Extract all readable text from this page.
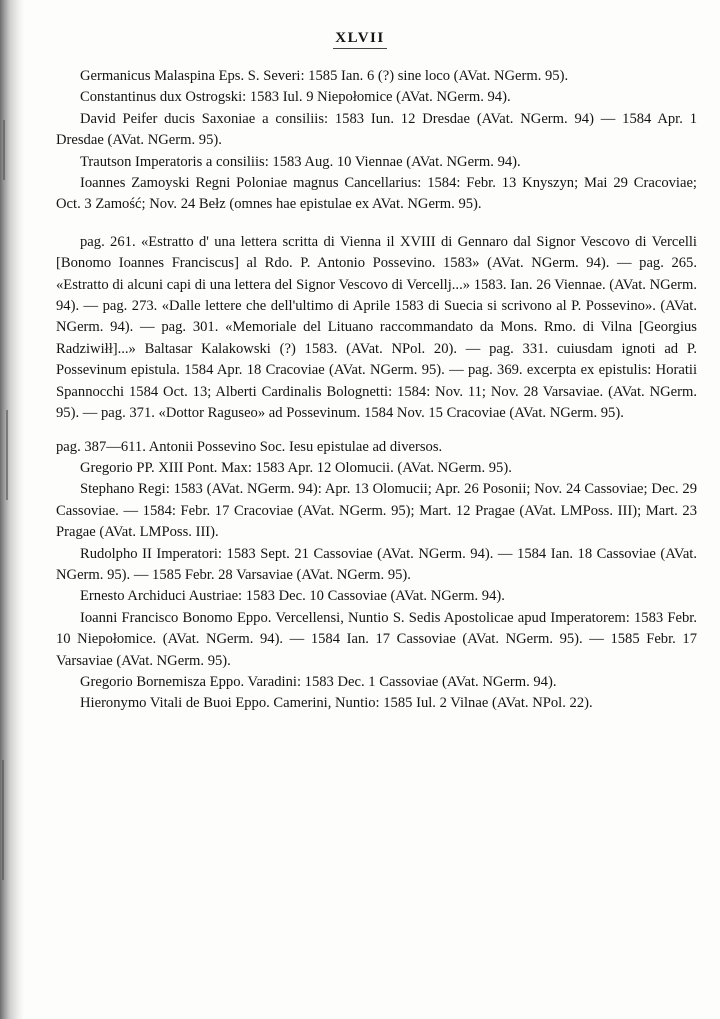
XLVII

Germanicus Malaspina Eps. S. Severi: 1585 Ian. 6 (?) sine loco (AVat. NGerm. 95).

Constantinus dux Ostrogski: 1583 Iul. 9 Niepołomice (AVat. NGerm. 94).

David Peifer ducis Saxoniae a consiliis: 1583 Iun. 12 Dresdae (AVat. NGerm. 94) — 1584 Apr. 1 Dresdae (AVat. NGerm. 95).

Trautson Imperatoris a consiliis: 1583 Aug. 10 Viennae (AVat. NGerm. 94).

Ioannes Zamoyski Regni Poloniae magnus Cancellarius: 1584: Febr. 13 Knyszyn; Mai 29 Cracoviae; Oct. 3 Zamość; Nov. 24 Bełz (omnes hae epistulae ex AVat. NGerm. 95).

pag. 261. «Estratto d' una lettera scritta di Vienna il XVIII di Gennaro dal Signor Vescovo di Vercelli [Bonomo Ioannes Franciscus] al Rdo. P. Antonio Possevino. 1583» (AVat. NGerm. 94). — pag. 265. «Estratto di alcuni capi di una lettera del Signor Vescovo di Vercellj...» 1583. Ian. 26 Viennae. (AVat. NGerm. 94). — pag. 273. «Dalle lettere che dell'ultimo di Aprile 1583 di Suecia si scrivono al P. Possevino». (AVat. NGerm. 94). — pag. 301. «Memoriale del Lituano raccommandato da Mons. Rmo. di Vilna [Georgius Radziwiłł]...» Baltasar Kalakowski (?) 1583. (AVat. NPol. 20). — pag. 331. cuiusdam ignoti ad P. Possevinum epistula. 1584 Apr. 18 Cracoviae (AVat. NGerm. 95). — pag. 369. excerpta ex epistulis: Horatii Spannocchi 1584 Oct. 13; Alberti Cardinalis Bolognetti: 1584: Nov. 11; Nov. 28 Varsaviae. (AVat. NGerm. 95). — pag. 371. «Dottor Raguseo» ad Possevinum. 1584 Nov. 15 Cracoviae (AVat. NGerm. 95).

pag. 387—611. Antonii Possevino Soc. Iesu epistulae ad diversos.

Gregorio PP. XIII Pont. Max: 1583 Apr. 12 Olomucii. (AVat. NGerm. 95).

Stephano Regi: 1583 (AVat. NGerm. 94): Apr. 13 Olomucii; Apr. 26 Posonii; Nov. 24 Cassoviae; Dec. 29 Cassoviae. — 1584: Febr. 17 Cracoviae (AVat. NGerm. 95); Mart. 12 Pragae (AVat. LMPoss. III); Mart. 23 Pragae (AVat. LMPoss. III).

Rudolpho II Imperatori: 1583 Sept. 21 Cassoviae (AVat. NGerm. 94). — 1584 Ian. 18 Cassoviae (AVat. NGerm. 95). — 1585 Febr. 28 Varsaviae (AVat. NGerm. 95).

Ernesto Archiduci Austriae: 1583 Dec. 10 Cassoviae (AVat. NGerm. 94).

Ioanni Francisco Bonomo Eppo. Vercellensi, Nuntio S. Sedis Apostolicae apud Imperatorem: 1583 Febr. 10 Niepołomice. (AVat. NGerm. 94). — 1584 Ian. 17 Cassoviae (AVat. NGerm. 95). — 1585 Febr. 17 Varsaviae (AVat. NGerm. 95).

Gregorio Bornemisza Eppo. Varadini: 1583 Dec. 1 Cassoviae (AVat. NGerm. 94).

Hieronymo Vitali de Buoi Eppo. Camerini, Nuntio: 1585 Iul. 2 Vilnae (AVat. NPol. 22).
